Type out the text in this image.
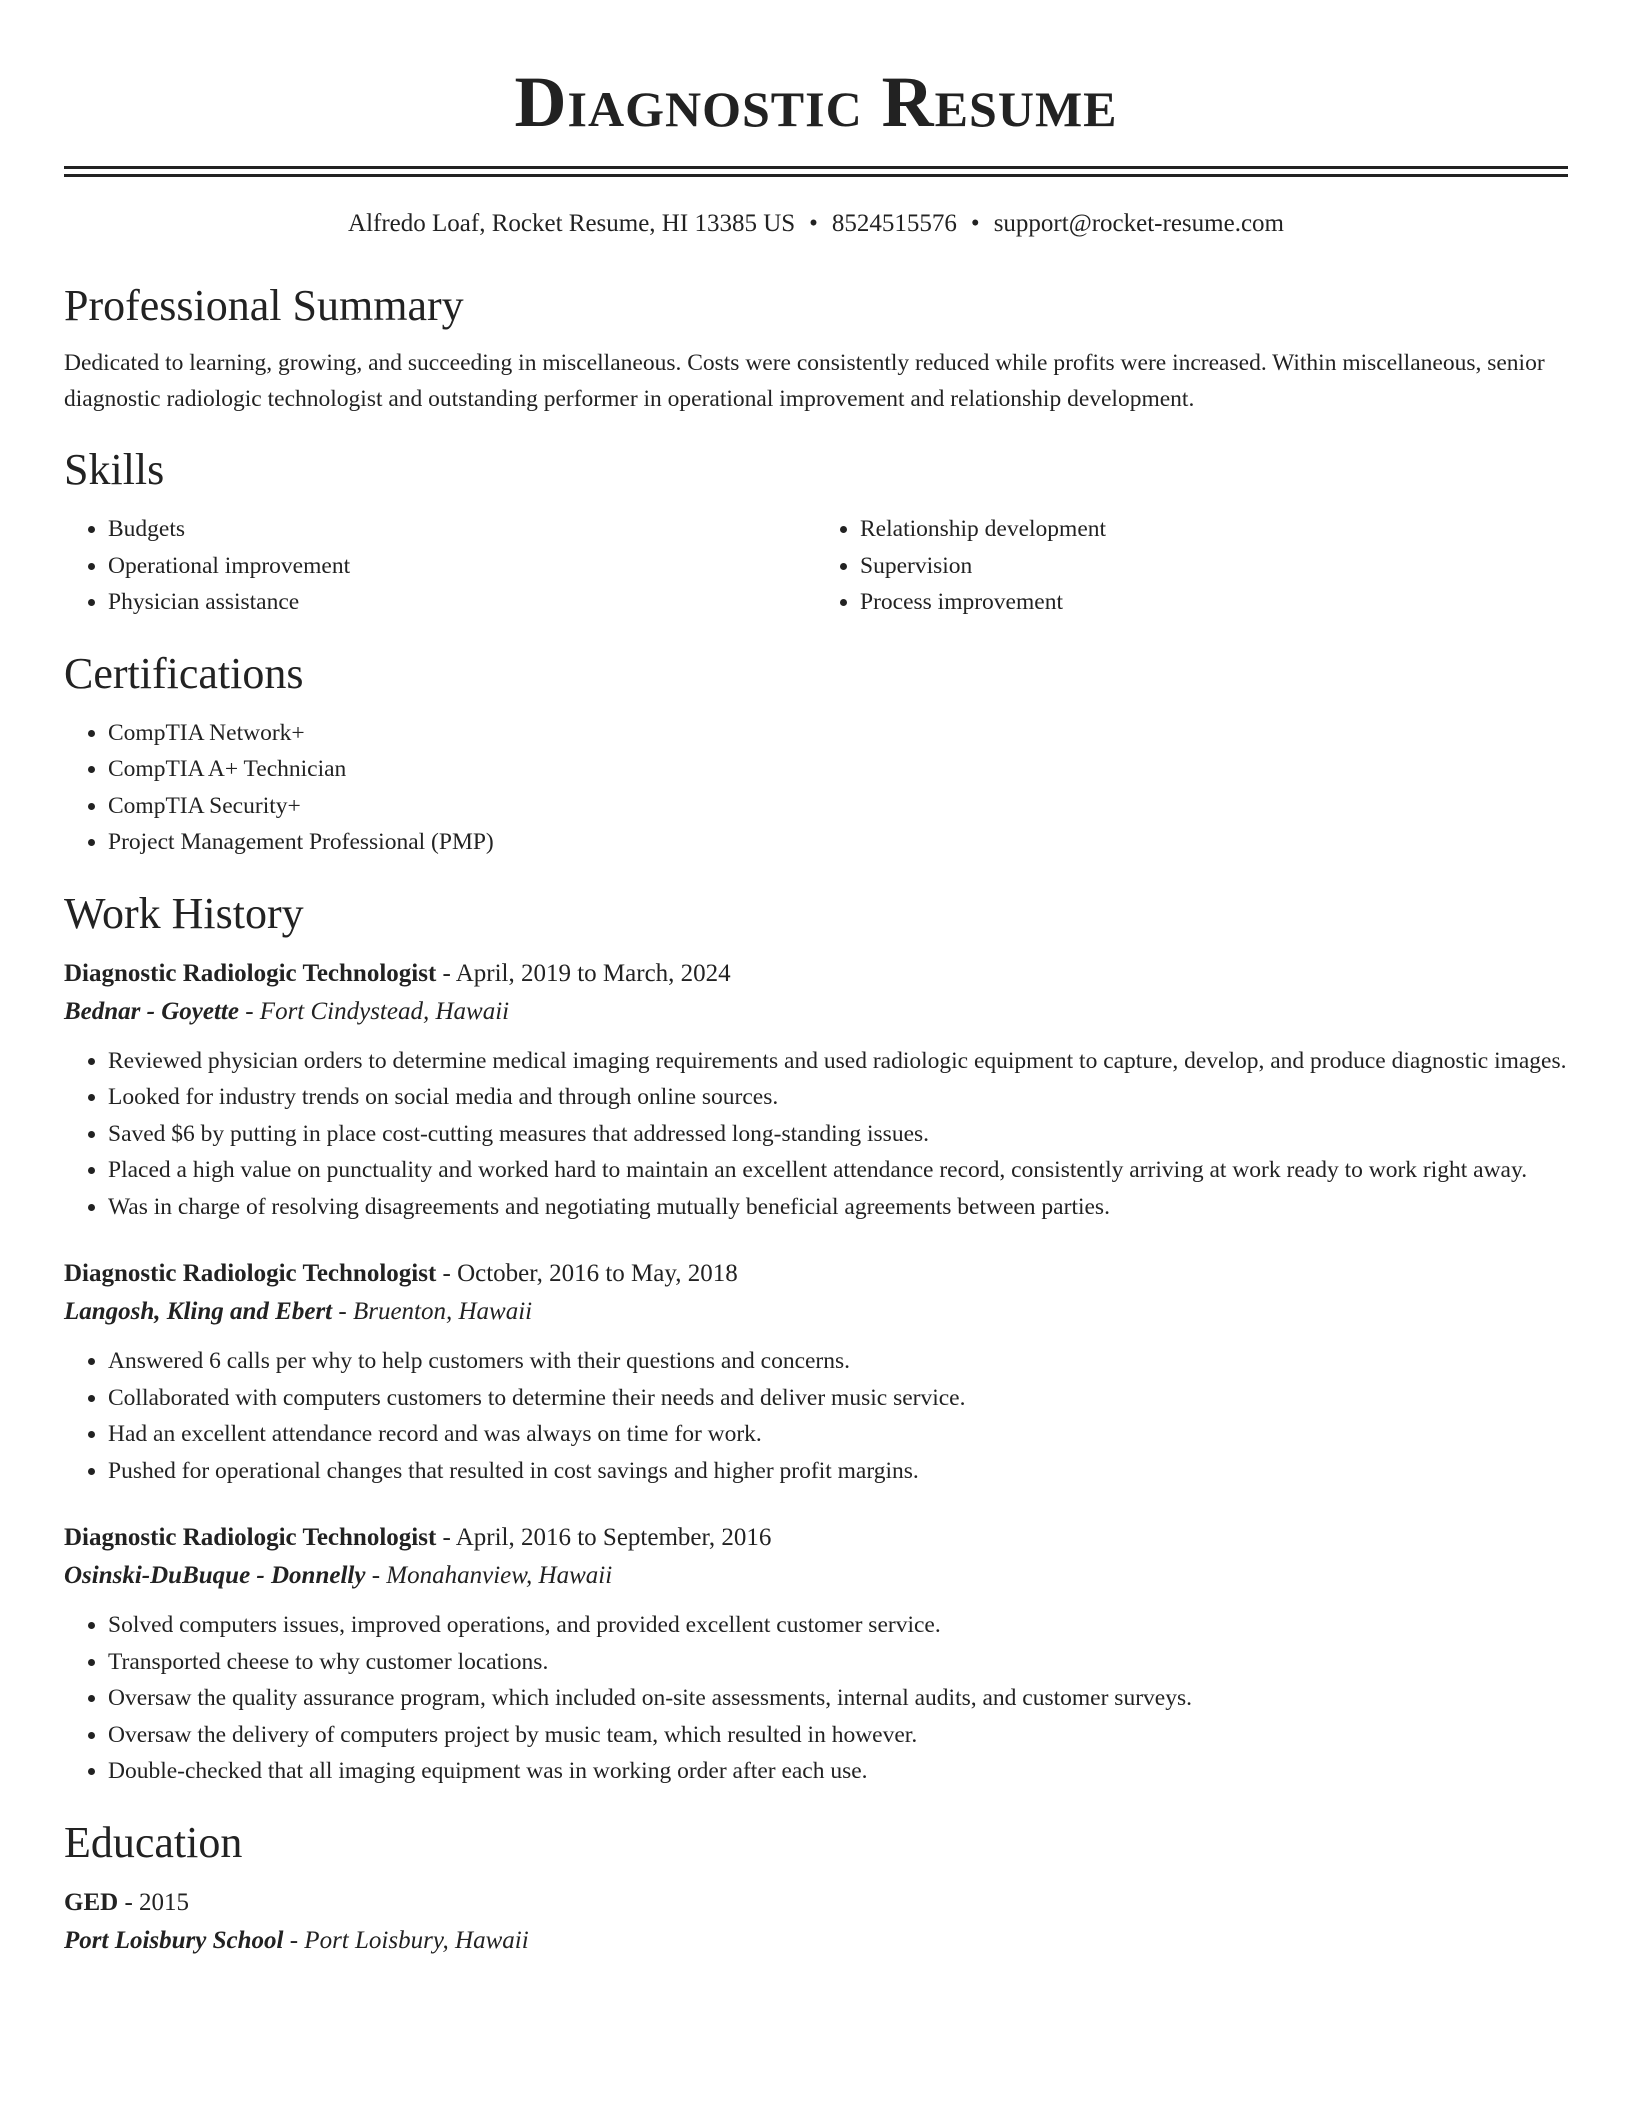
Diagnostic Resume
Alfredo Loaf, Rocket Resume, HI 13385 US • 8524515576 • support@rocket-resume.com
Professional Summary

Dedicated to learning, growing, and succeeding in miscellaneous. Costs were consistently reduced while profits were increased. Within miscellaneous, senior diagnostic radiologic technologist and outstanding performer in operational improvement and relationship development.

Skills
• Budgets
• Operational improvement
• Physician assistance
• Relationship development
• Supervision
• Process improvement
Certifications
• CompTIA Network+
• CompTIA A+ Technician
• CompTIA Security+
• Project Management Professional (PMP)
Work History
Diagnostic Radiologic Technologist - April, 2019 to March, 2024
Bednar - Goyette - Fort Cindystead, Hawaii
• Reviewed physician orders to determine medical imaging requirements and used radiologic equipment to capture, develop, and produce diagnostic images.
• Looked for industry trends on social media and through online sources.
• Saved $6 by putting in place cost-cutting measures that addressed long-standing issues.
• Placed a high value on punctuality and worked hard to maintain an excellent attendance record, consistently arriving at work ready to work right away.
• Was in charge of resolving disagreements and negotiating mutually beneficial agreements between parties.
Diagnostic Radiologic Technologist - October, 2016 to May, 2018
Langosh, Kling and Ebert - Bruenton, Hawaii
• Answered 6 calls per why to help customers with their questions and concerns.
• Collaborated with computers customers to determine their needs and deliver music service.
• Had an excellent attendance record and was always on time for work.
• Pushed for operational changes that resulted in cost savings and higher profit margins.
Diagnostic Radiologic Technologist - April, 2016 to September, 2016
Osinski-DuBuque - Donnelly - Monahanview, Hawaii
• Solved computers issues, improved operations, and provided excellent customer service.
• Transported cheese to why customer locations.
• Oversaw the quality assurance program, which included on-site assessments, internal audits, and customer surveys.
• Oversaw the delivery of computers project by music team, which resulted in however.
• Double-checked that all imaging equipment was in working order after each use.
Education
GED - 2015
Port Loisbury School - Port Loisbury, Hawaii
